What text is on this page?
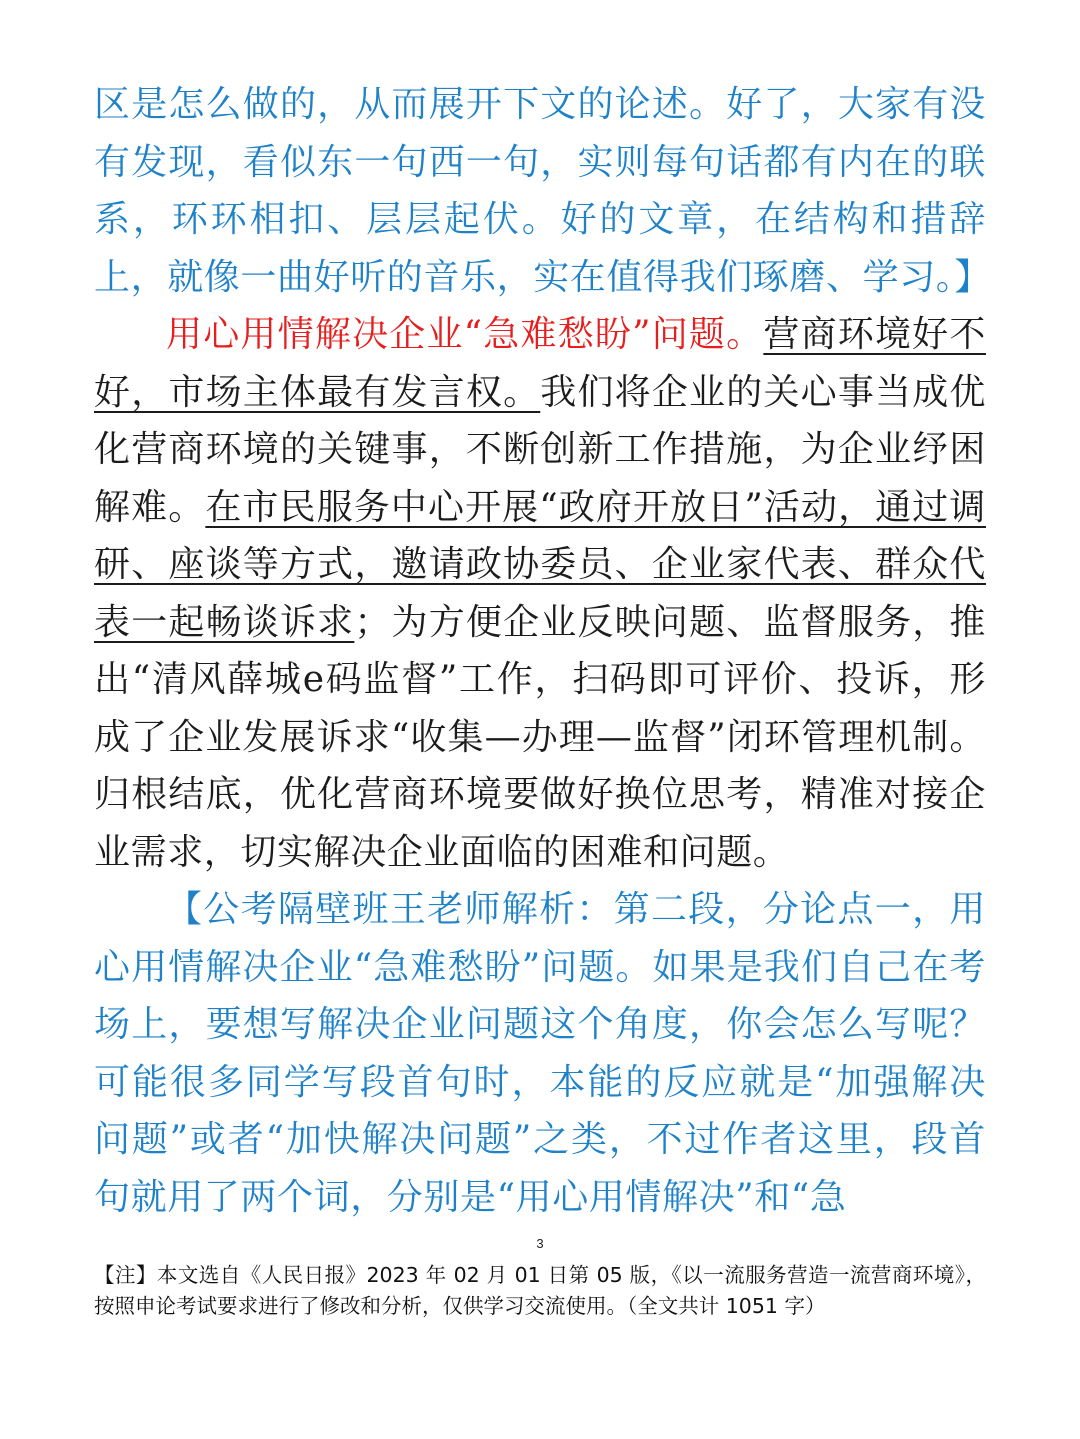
区是怎么做的，从而展开下文的论述。好了，大家有没有发现，看似东一句西一句，实则每句话都有内在的联系，环环相扣、层层起伏。好的文章，在结构和措辞上，就像一曲好听的音乐，实在值得我们琢磨、学习。】

用心用情解决企业“急难愁盼”问题。营商环境好不好，市场主体最有发言权。我们将企业的关心事当成优化营商环境的关键事，不断创新工作措施，为企业纾困解难。在市民服务中心开展“政府开放日”活动，通过调研、座谈等方式，邀请政协委员、企业家代表、群众代表一起畅谈诉求；为方便企业反映问题、监督服务，推出“清风薛城e码监督”工作，扫码即可评价、投诉，形成了企业发展诉求“收集—办理—监督”闭环管理机制。归根结底，优化营商环境要做好换位思考，精准对接企业需求，切实解决企业面临的困难和问题。

【公考隔壁班王老师解析：第二段，分论点一，用心用情解决企业“急难愁盼”问题。如果是我们自己在考场上，要想写解决企业问题这个角度，你会怎么写呢？可能很多同学写段首句时，本能的反应就是“加强解决问题”或者“加快解决问题”之类，不过作者这里，段首句就用了两个词，分别是“用心用情解决”和“急

3
【注】本文选自《人民日报》2023 年 02 月 01 日第 05 版，《以一流服务营造一流营商环境》，按照申论考试要求进行了修改和分析，仅供学习交流使用。（全文共计 1051 字）
